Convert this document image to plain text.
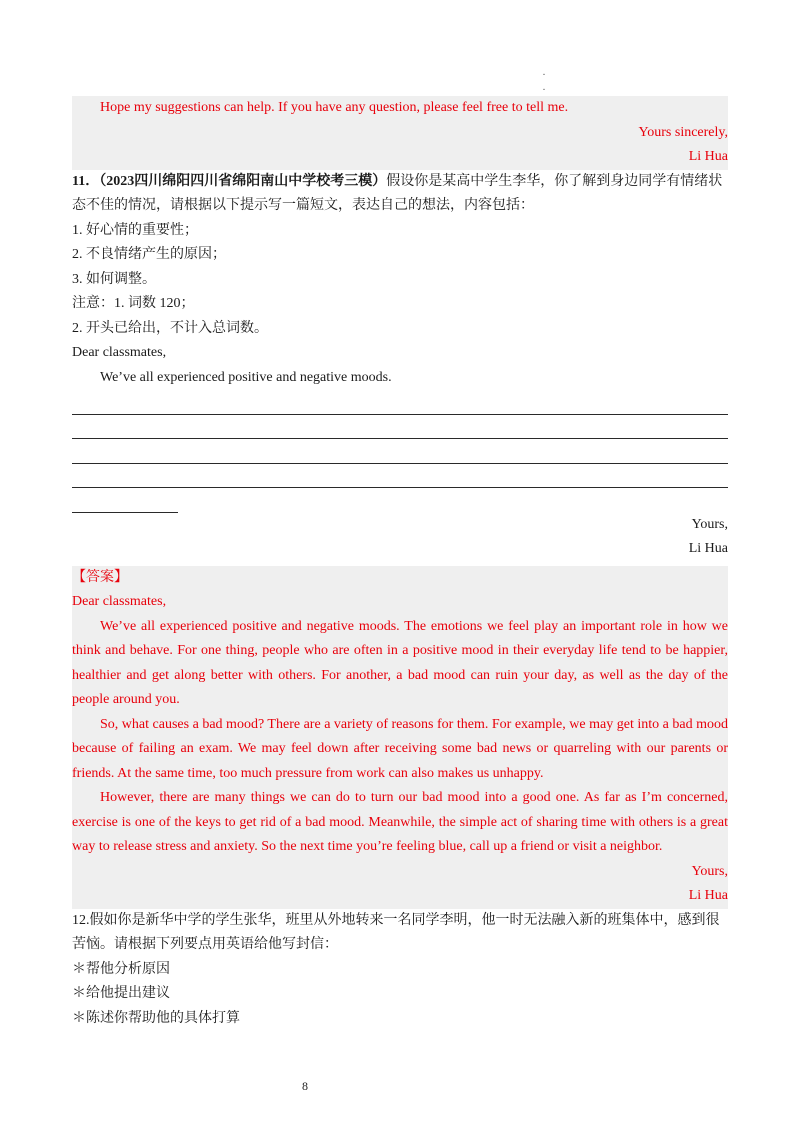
.
.

Hope my suggestions can help. If you have any question, please feel free to tell me.

Yours sincerely,

Li Hua

11．（2023四川绵阳四川省绵阳南山中学校考三模）假设你是某高中学生李华，你了解到身边同学有情绪状态不佳的情况，请根据以下提示写一篇短文，表达自己的想法，内容包括：

1. 好心情的重要性；

2. 不良情绪产生的原因；

3. 如何调整。

注意：1. 词数 120；

2. 开头已给出，不计入总词数。

Dear classmates,

We’ve all experienced positive and negative moods.

Yours,

Li Hua

【答案】

Dear classmates,

We’ve all experienced positive and negative moods. The emotions we feel play an important role in how we think and behave. For one thing, people who are often in a positive mood in their everyday life tend to be happier, healthier and get along better with others. For another, a bad mood can ruin your day, as well as the day of the people around you.

So, what causes a bad mood? There are a variety of reasons for them. For example, we may get into a bad mood because of failing an exam. We may feel down after receiving some bad news or quarreling with our parents or friends. At the same time, too much pressure from work can also makes us unhappy.

However, there are many things we can do to turn our bad mood into a good one. As far as I’m concerned, exercise is one of the keys to get rid of a bad mood. Meanwhile, the simple act of sharing time with others is a great way to release stress and anxiety. So the next time you’re feeling blue, call up a friend or visit a neighbor.

Yours,

Li Hua

12.假如你是新华中学的学生张华，班里从外地转来一名同学李明，他一时无法融入新的班集体中，感到很苦恼。请根据下列要点用英语给他写封信：

＊帮他分析原因

＊给他提出建议

＊陈述你帮助他的具体打算

8
